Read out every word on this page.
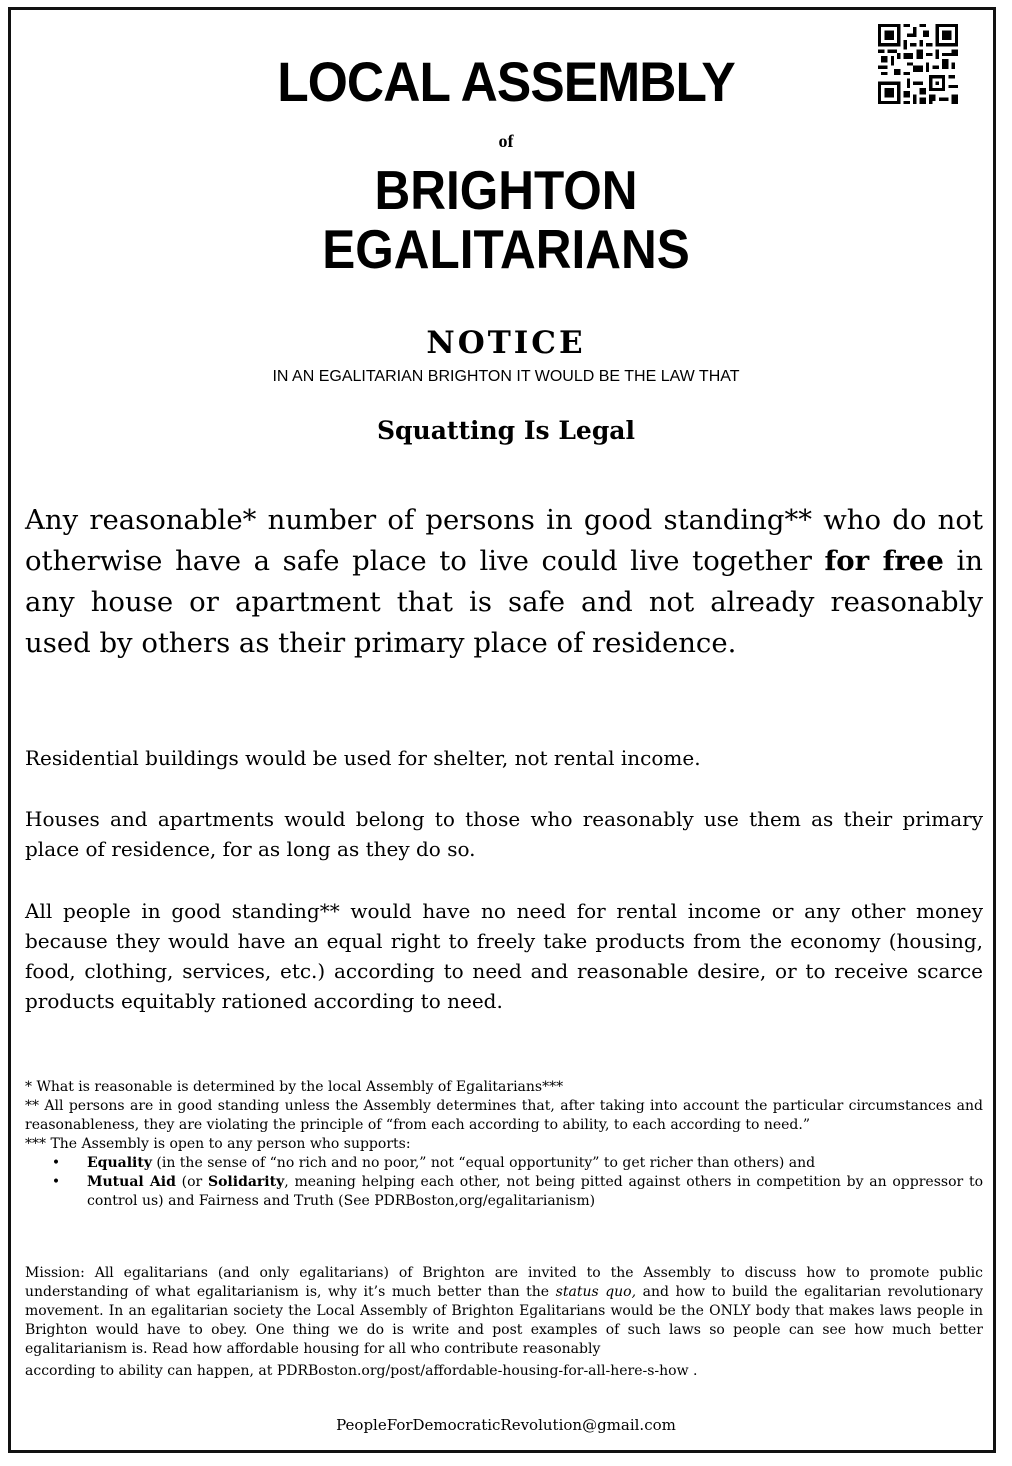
LOCAL ASSEMBLY
of
BRIGHTON
EGALITARIANS
NOTICE
IN AN EGALITARIAN BRIGHTON IT WOULD BE THE LAW THAT
Squatting Is Legal
Any reasonable* number of persons in good standing** who do not otherwise have a safe place to live could live together for free in any house or apartment that is safe and not already reasonably used by others as their primary place of residence.
Residential buildings would be used for shelter, not rental income.
Houses and apartments would belong to those who reasonably use them as their primary place of residence, for as long as they do so.
All people in good standing** would have no need for rental income or any other money because they would have an equal right to freely take products from the economy (housing, food, clothing, services, etc.) according to need and reasonable desire, or to receive scarce products equitably rationed according to need.
* What is reasonable is determined by the local Assembly of Egalitarians***
** All persons are in good standing unless the Assembly determines that, after taking into account the particular circumstances and reasonableness, they are violating the principle of “from each according to ability, to each according to need.”
*** The Assembly is open to any person who supports:
•	Equality (in the sense of “no rich and no poor,” not “equal opportunity” to get richer than others) and
•	Mutual Aid (or Solidarity, meaning helping each other, not being pitted against others in competition by an oppressor to control us) and Fairness and Truth (See PDRBoston,org/egalitarianism)
Mission: All egalitarians (and only egalitarians) of Brighton are invited to the Assembly to discuss how to promote public understanding of what egalitarianism is, why it’s much better than the status quo, and how to build the egalitarian revolutionary movement. In an egalitarian society the Local Assembly of Brighton Egalitarians would be the ONLY body that makes laws people in Brighton would have to obey. One thing we do is write and post examples of such laws so people can see how much better egalitarianism is. Read how affordable housing for all who contribute reasonably
according to ability can happen, at PDRBoston.org/post/affordable-housing-for-all-here-s-how .
PeopleForDemocraticRevolution@gmail.com
